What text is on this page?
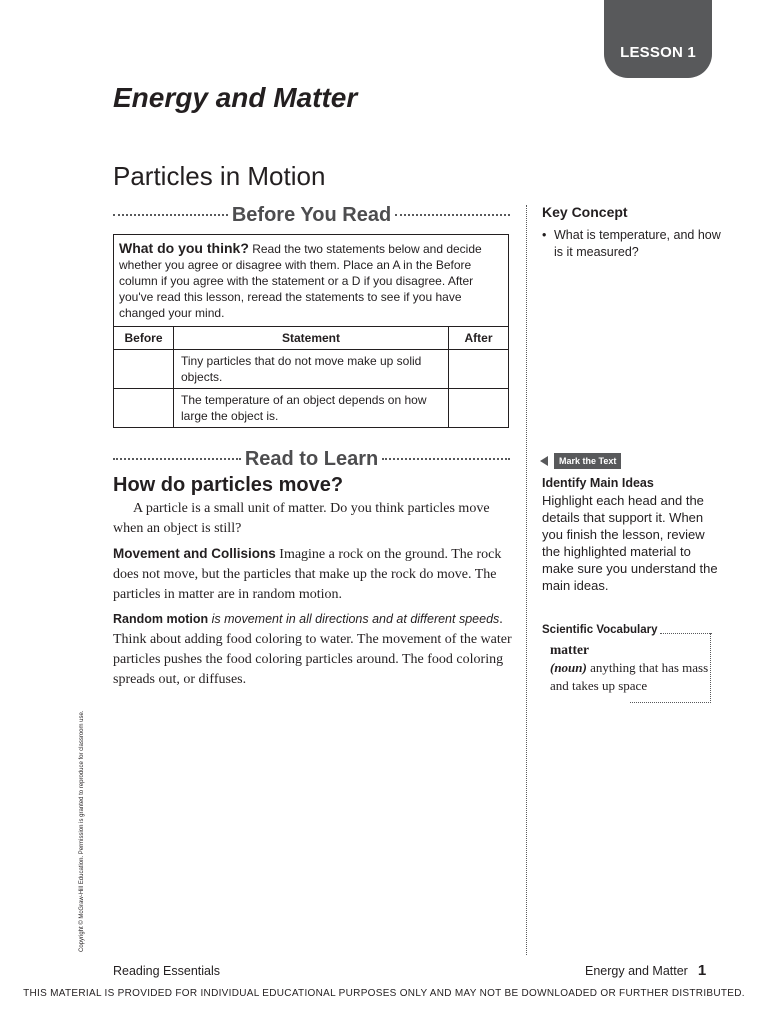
LESSON 1
Energy and Matter
Particles in Motion
Before You Read
What do you think? Read the two statements below and decide whether you agree or disagree with them. Place an A in the Before column if you agree with the statement or a D if you disagree. After you've read this lesson, reread the statements to see if you have changed your mind.
Before	Statement	After
	Tiny particles that do not move make up solid objects.	
	The temperature of an object depends on how large the object is.	
Read to Learn
How do particles move?
A particle is a small unit of matter. Do you think particles move when an object is still?
Movement and Collisions Imagine a rock on the ground. The rock does not move, but the particles that make up the rock do move. The particles in matter are in random motion.
Random motion is movement in all directions and at different speeds. Think about adding food coloring to water. The movement of the water particles pushes the food coloring particles around. The food coloring spreads out, or diffuses.
Key Concept
• What is temperature, and how is it measured?
Mark the Text
Identify Main Ideas
Highlight each head and the details that support it. When you finish the lesson, review the highlighted material to make sure you understand the main ideas.
Scientific Vocabulary
matter
(noun) anything that has mass and takes up space
Copyright © McGraw-Hill Education. Permission is granted to reproduce for classroom use.
Reading Essentials	Energy and Matter 1
THIS MATERIAL IS PROVIDED FOR INDIVIDUAL EDUCATIONAL PURPOSES ONLY AND MAY NOT BE DOWNLOADED OR FURTHER DISTRIBUTED.
